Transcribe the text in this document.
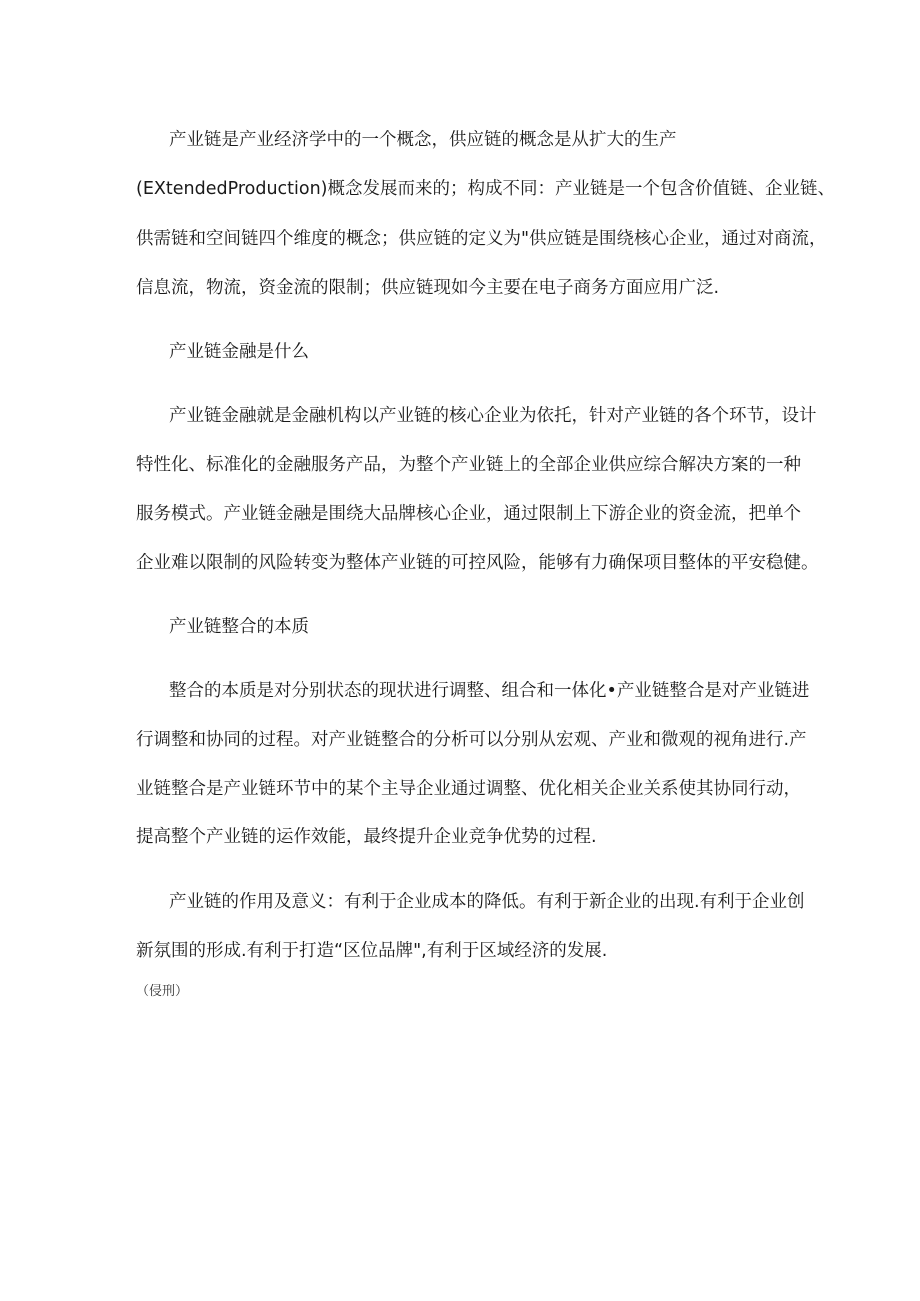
产业链是产业经济学中的一个概念，供应链的概念是从扩大的生产
(EXtendedProduction)概念发展而来的；构成不同：产业链是一个包含价值链、企业链、
供需链和空间链四个维度的概念；供应链的定义为"供应链是围绕核心企业，通过对商流，
信息流，物流，资金流的限制；供应链现如今主要在电子商务方面应用广泛.
产业链金融是什么
产业链金融就是金融机构以产业链的核心企业为依托，针对产业链的各个环节，设计
特性化、标准化的金融服务产品，为整个产业链上的全部企业供应综合解决方案的一种
服务模式。产业链金融是围绕大品牌核心企业，通过限制上下游企业的资金流，把单个
企业难以限制的风险转变为整体产业链的可控风险，能够有力确保项目整体的平安稳健。
产业链整合的本质
整合的本质是对分别状态的现状进行调整、组合和一体化•产业链整合是对产业链进
行调整和协同的过程。对产业链整合的分析可以分别从宏观、产业和微观的视角进行.产
业链整合是产业链环节中的某个主导企业通过调整、优化相关企业关系使其协同行动，
提高整个产业链的运作效能，最终提升企业竞争优势的过程.
产业链的作用及意义：有利于企业成本的降低。有利于新企业的出现.有利于企业创
新氛围的形成.有利于打造“区位品牌",有利于区域经济的发展.
（侵刑）
